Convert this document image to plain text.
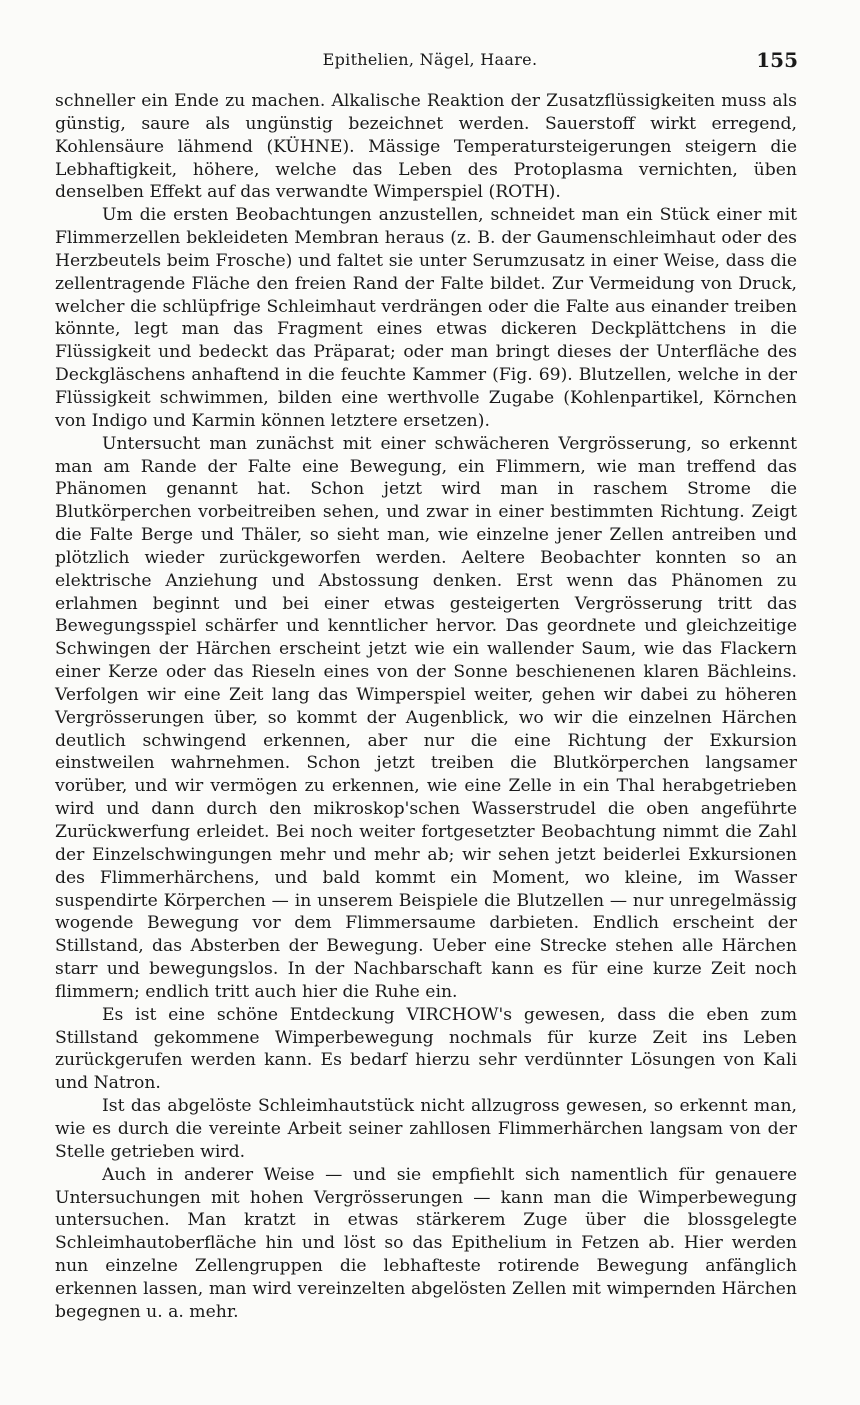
Epithelien, Nägel, Haare.	155

schneller ein Ende zu machen. Alkalische Reaktion der Zusatzflüssigkeiten muss als günstig, saure als ungünstig bezeichnet werden. Sauerstoff wirkt erregend, Kohlensäure lähmend (KÜHNE). Mässige Temperatursteigerungen steigern die Lebhaftigkeit, höhere, welche das Leben des Protoplasma vernichten, üben denselben Effekt auf das verwandte Wimperspiel (ROTH).

Um die ersten Beobachtungen anzustellen, schneidet man ein Stück einer mit Flimmerzellen bekleideten Membran heraus (z. B. der Gaumenschleimhaut oder des Herzbeutels beim Frosche) und faltet sie unter Serumzusatz in einer Weise, dass die zellentragende Fläche den freien Rand der Falte bildet. Zur Vermeidung von Druck, welcher die schlüpfrige Schleimhaut verdrängen oder die Falte aus einander treiben könnte, legt man das Fragment eines etwas dickeren Deckplättchens in die Flüssigkeit und bedeckt das Präparat; oder man bringt dieses der Unterfläche des Deckgläschens anhaftend in die feuchte Kammer (Fig. 69). Blutzellen, welche in der Flüssigkeit schwimmen, bilden eine werthvolle Zugabe (Kohlenpartikel, Körnchen von Indigo und Karmin können letztere ersetzen).

Untersucht man zunächst mit einer schwächeren Vergrösserung, so erkennt man am Rande der Falte eine Bewegung, ein Flimmern, wie man treffend das Phänomen genannt hat. Schon jetzt wird man in raschem Strome die Blutkörperchen vorbeitreiben sehen, und zwar in einer bestimmten Richtung. Zeigt die Falte Berge und Thäler, so sieht man, wie einzelne jener Zellen antreiben und plötzlich wieder zurückgeworfen werden. Aeltere Beobachter konnten so an elektrische Anziehung und Abstossung denken. Erst wenn das Phänomen zu erlahmen beginnt und bei einer etwas gesteigerten Vergrösserung tritt das Bewegungsspiel schärfer und kenntlicher hervor. Das geordnete und gleichzeitige Schwingen der Härchen erscheint jetzt wie ein wallender Saum, wie das Flackern einer Kerze oder das Rieseln eines von der Sonne beschienenen klaren Bächleins. Verfolgen wir eine Zeit lang das Wimperspiel weiter, gehen wir dabei zu höheren Vergrösserungen über, so kommt der Augenblick, wo wir die einzelnen Härchen deutlich schwingend erkennen, aber nur die eine Richtung der Exkursion einstweilen wahrnehmen. Schon jetzt treiben die Blutkörperchen langsamer vorüber, und wir vermögen zu erkennen, wie eine Zelle in ein Thal herabgetrieben wird und dann durch den mikroskop'schen Wasserstrudel die oben angeführte Zurückwerfung erleidet. Bei noch weiter fortgesetzter Beobachtung nimmt die Zahl der Einzelschwingungen mehr und mehr ab; wir sehen jetzt beiderlei Exkursionen des Flimmerhärchens, und bald kommt ein Moment, wo kleine, im Wasser suspendirte Körperchen — in unserem Beispiele die Blutzellen — nur unregelmässig wogende Bewegung vor dem Flimmersaume darbieten. Endlich erscheint der Stillstand, das Absterben der Bewegung. Ueber eine Strecke stehen alle Härchen starr und bewegungslos. In der Nachbarschaft kann es für eine kurze Zeit noch flimmern; endlich tritt auch hier die Ruhe ein.

Es ist eine schöne Entdeckung VIRCHOW's gewesen, dass die eben zum Stillstand gekommene Wimperbewegung nochmals für kurze Zeit ins Leben zurückgerufen werden kann. Es bedarf hierzu sehr verdünnter Lösungen von Kali und Natron.

Ist das abgelöste Schleimhautstück nicht allzugross gewesen, so erkennt man, wie es durch die vereinte Arbeit seiner zahllosen Flimmerhärchen langsam von der Stelle getrieben wird.

Auch in anderer Weise — und sie empfiehlt sich namentlich für genauere Untersuchungen mit hohen Vergrösserungen — kann man die Wimperbewegung untersuchen. Man kratzt in etwas stärkerem Zuge über die blossgelegte Schleimhautoberfläche hin und löst so das Epithelium in Fetzen ab. Hier werden nun einzelne Zellengruppen die lebhafteste rotirende Bewegung anfänglich erkennen lassen, man wird vereinzelten abgelösten Zellen mit wimpernden Härchen begegnen u. a. mehr.
